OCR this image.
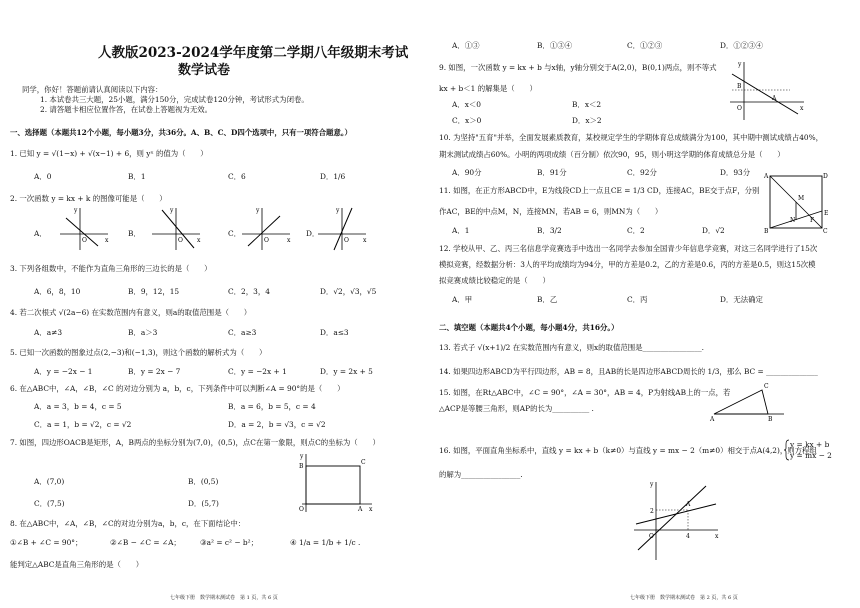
人教版2023-2024学年度第二学期八年级期末考试
数学试卷
同学，你好！答题前请认真阅读以下内容：
1. 本试卷共三大题，25小题，满分150分，完成试卷120分钟，考试形式为闭卷。
2. 请答题卡相应位置作答，在试卷上答题视为无效。
一、选择题（本题共12个小题，每小题3分，共36分。A、B、C、D四个选项中，只有一项符合题意。）
1. 已知 y = √(1−x) + √(x−1) + 6，则 yˣ 的值为（　　）
A．0	B．1	C．6	D．1/6
2. 一次函数 y = kx + k 的图像可能是（　　）
A．	B．	C．	D．
y
x
O
y
x
O
y
x
O
y
x
O
3. 下列各组数中，不能作为直角三角形的三边长的是（　　）
A．6，8，10	B．9，12，15	C．2，3，4	D．√2，√3，√5
4. 若二次根式 √(2a−6) 在实数范围内有意义，则a的取值范围是（　　）
A．a≠3	B．a＞3	C．a≥3	D．a≤3
5. 已知一次函数的图象过点(2,−3)和(−1,3)，则这个函数的解析式为（　　）
A．y = −2x − 1	B．y = 2x − 7	C．y = −2x + 1	D．y = 2x + 5
6. 在△ABC中，∠A，∠B，∠C 的对边分别为 a，b，c，下列条件中可以判断∠A = 90°的是（　　）
A．a = 3，b = 4，c = 5	B．a = 6，b = 5，c = 4
C．a = 1，b = √2，c = √2	D．a = 2，b = √3，c = √2
7. 如图，四边形OACB是矩形，A，B两点的坐标分别为(7,0)，(0,5)，点C在第一象限，则点C的坐标为（　　）
A．(7,0)	B．(0,5)
C．(7,5)	D．(5,7)
y
x
O
B
C
A
8. 在△ABC中，∠A，∠B，∠C的对边分别为a，b，c，在下面结论中：
①∠B + ∠C = 90°；	②∠B − ∠C = ∠A；	③a² = c² − b²；	④ 1/a = 1/b + 1/c .
能判定△ABC是直角三角形的是（　　）
七年级下册　数学期末测试卷　第 1 页，共 6 页
A．①③	B．①③④	C．①②③	D．①②③④
9. 如图，一次函数 y = kx + b 与x轴，y轴分别交于A(2,0)，B(0,1)两点，则不等式
kx + b＜1 的解集是（　　）
A．x＜0	B．x＜2
C．x＞0	D．x＞2
y
x
O
B
A
10. 为坚持"五育"并举，全面发展素质教育，某校规定学生的学期体育总成绩满分为100，其中期中测试成绩占40%，
期末测试成绩占60%。小明的两项成绩（百分制）依次90，95，则小明这学期的体育成绩总分是（　　）
A．90分	B．91分	C．92分	D．93分
11. 如图，在正方形ABCD中，E为线段CD上一点且CE = 1/3 CD，连接AC，BE交于点F，分别
作AC，BE的中点M，N，连接MN，若AB = 6，则MN为（　　）
A．1	B．3/2	C．2	D．√2
A	D
B	C
E
M
N F
12. 学校从甲、乙、丙三名信息学竞赛选手中选出一名同学去参加全国青少年信息学竞赛，对这三名同学进行了15次
模拟竞赛，经数据分析：3人的平均成绩均为94分，甲的方差是0.2，乙的方差是0.6，丙的方差是0.5，则这15次模
拟竞赛成绩比较稳定的是（　　）
A．甲	B．乙	C．丙	D．无法确定
二、填空题（本题共4个小题，每小题4分，共16分。）
13. 若式子 √(x+1)/2 在实数范围内有意义，则x的取值范围是________________.
14. 如果四边形ABCD为平行四边形，AB = 8，且AB的长是四边形ABCD周长的 1/3，那么 BC = ______________
15. 如图，在Rt△ABC中，∠C = 90°，∠A = 30°，AB = 4，P为射线AB上的一点，若
△ACP是等腰三角形，则AP的长为__________ .
C
A	B
16. 如图，平面直角坐标系中，直线 y = kx + b（k≠0）与直线 y = mx − 2（m≠0）相交于点A(4,2)，则方程组
y = kx + b
y = mx − 2
的解为________________.
y
x
O
A
2
4
七年级下册　数学期末测试卷　第 2 页，共 6 页
